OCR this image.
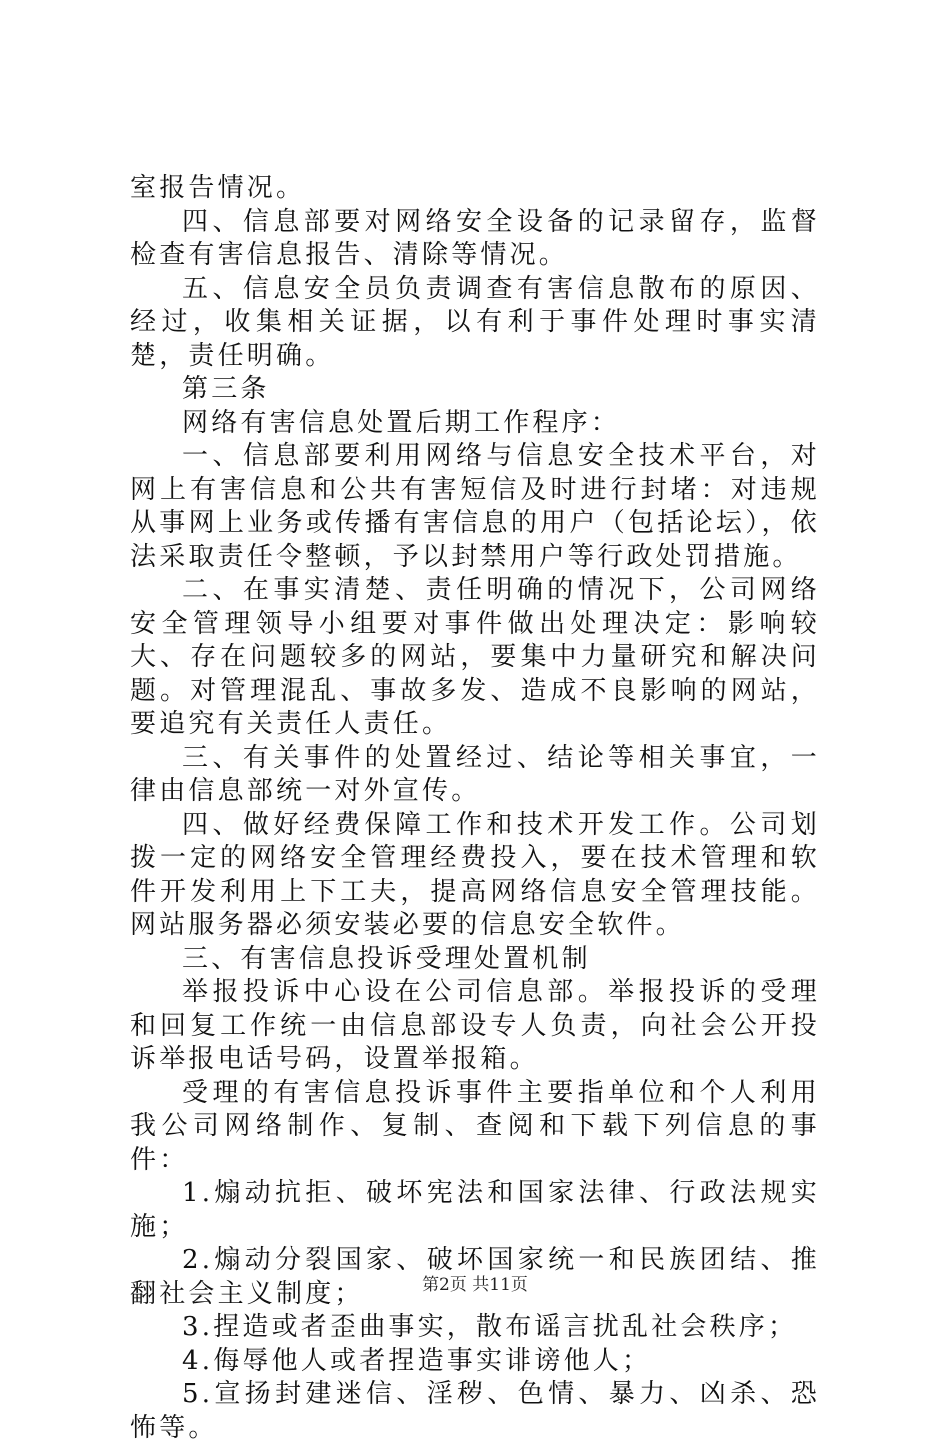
室报告情况。

四、信息部要对网络安全设备的记录留存，监督检查有害信息报告、清除等情况。

五、信息安全员负责调查有害信息散布的原因、经过，收集相关证据，以有利于事件处理时事实清楚，责任明确。

第三条

网络有害信息处置后期工作程序：

一、信息部要利用网络与信息安全技术平台，对网上有害信息和公共有害短信及时进行封堵：对违规从事网上业务或传播有害信息的用户（包括论坛），依法采取责任令整顿，予以封禁用户等行政处罚措施。

二、在事实清楚、责任明确的情况下，公司网络安全管理领导小组要对事件做出处理决定：影响较大、存在问题较多的网站，要集中力量研究和解决问题。对管理混乱、事故多发、造成不良影响的网站，要追究有关责任人责任。

三、有关事件的处置经过、结论等相关事宜，一律由信息部统一对外宣传。

四、做好经费保障工作和技术开发工作。公司划拨一定的网络安全管理经费投入，要在技术管理和软件开发利用上下工夫，提高网络信息安全管理技能。网站服务器必须安装必要的信息安全软件。

三、有害信息投诉受理处置机制

举报投诉中心设在公司信息部。举报投诉的受理和回复工作统一由信息部设专人负责，向社会公开投诉举报电话号码，设置举报箱。

受理的有害信息投诉事件主要指单位和个人利用我公司网络制作、复制、查阅和下载下列信息的事件：

1.煽动抗拒、破坏宪法和国家法律、行政法规实施；

2.煽动分裂国家、破坏国家统一和民族团结、推翻社会主义制度；

3.捏造或者歪曲事实，散布谣言扰乱社会秩序；

4.侮辱他人或者捏造事实诽谤他人；

5.宣扬封建迷信、淫秽、色情、暴力、凶杀、恐怖等。

第2页 共11页
